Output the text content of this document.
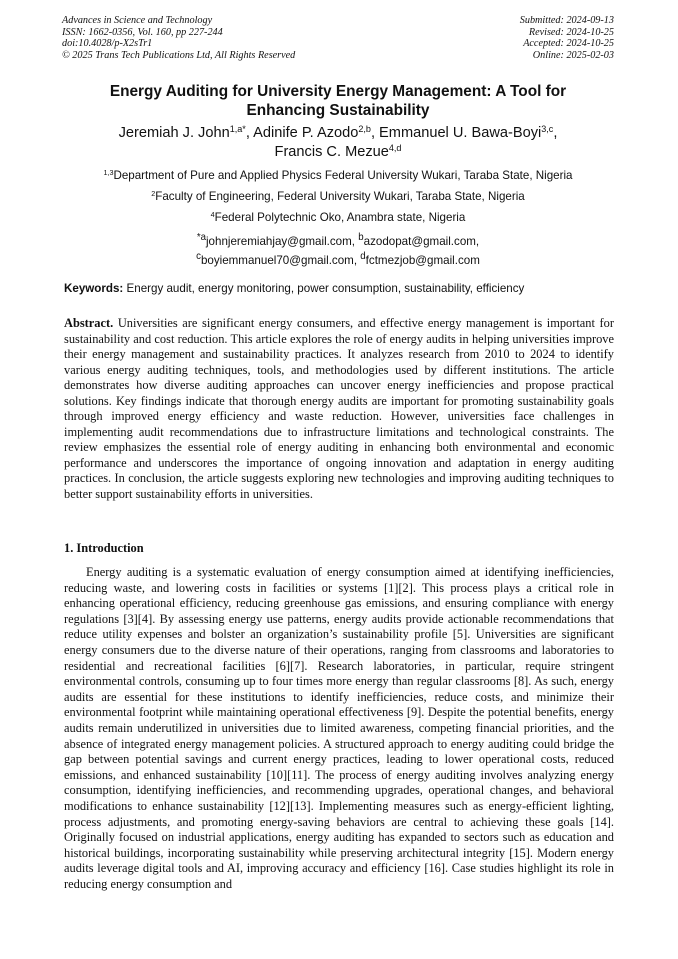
Advances in Science and Technology
ISSN: 1662-0356, Vol. 160, pp 227-244
doi:10.4028/p-X2sTr1
© 2025 Trans Tech Publications Ltd, All Rights Reserved
Submitted: 2024-09-13
Revised: 2024-10-25
Accepted: 2024-10-25
Online: 2025-02-03
Energy Auditing for University Energy Management: A Tool for
Enhancing Sustainability
Jeremiah J. John$^{1,a*}$, Adinife P. Azodo$^{2,b}$, Emmanuel U. Bawa-Boyi$^{3,c}$,
Francis C. Mezue$^{4,d}$
$^{1,3}$Department of Pure and Applied Physics Federal University Wukari, Taraba State, Nigeria
$^2$Faculty of Engineering, Federal University Wukari, Taraba State, Nigeria
$^4$Federal Polytechnic Oko, Anambra state, Nigeria
$^{*a}$johnjeremiahjay@gmail.com, $^b$azodopat@gmail.com,
$^c$boyiemmanuel70@gmail.com, $^d$fctmezjob@gmail.com
Keywords: Energy audit, energy monitoring, power consumption, sustainability, efficiency

Abstract. Universities are significant energy consumers, and effective energy management is important for sustainability and cost reduction. This article explores the role of energy audits in helping universities improve their energy management and sustainability practices. It analyzes research from 2010 to 2024 to identify various energy auditing techniques, tools, and methodologies used by different institutions. The article demonstrates how diverse auditing approaches can uncover energy inefficiencies and propose practical solutions. Key findings indicate that thorough energy audits are important for promoting sustainability goals through improved energy efficiency and waste reduction. However, universities face challenges in implementing audit recommendations due to infrastructure limitations and technological constraints. The review emphasizes the essential role of energy auditing in enhancing both environmental and economic performance and underscores the importance of ongoing innovation and adaptation in energy auditing practices. In conclusion, the article suggests exploring new technologies and improving auditing techniques to better support sustainability efforts in universities.

1. Introduction

Energy auditing is a systematic evaluation of energy consumption aimed at identifying inefficiencies, reducing waste, and lowering costs in facilities or systems [1][2]. This process plays a critical role in enhancing operational efficiency, reducing greenhouse gas emissions, and ensuring compliance with energy regulations [3][4]. By assessing energy use patterns, energy audits provide actionable recommendations that reduce utility expenses and bolster an organization’s sustainability profile [5]. Universities are significant energy consumers due to the diverse nature of their operations, ranging from classrooms and laboratories to residential and recreational facilities [6][7]. Research laboratories, in particular, require stringent environmental controls, consuming up to four times more energy than regular classrooms [8]. As such, energy audits are essential for these institutions to identify inefficiencies, reduce costs, and minimize their environmental footprint while maintaining operational effectiveness [9]. Despite the potential benefits, energy audits remain underutilized in universities due to limited awareness, competing financial priorities, and the absence of integrated energy management policies. A structured approach to energy auditing could bridge the gap between potential savings and current energy practices, leading to lower operational costs, reduced emissions, and enhanced sustainability [10][11]. The process of energy auditing involves analyzing energy consumption, identifying inefficiencies, and recommending upgrades, operational changes, and behavioral modifications to enhance sustainability [12][13]. Implementing measures such as energy-efficient lighting, process adjustments, and promoting energy-saving behaviors are central to achieving these goals [14]. Originally focused on industrial applications, energy auditing has expanded to sectors such as education and historical buildings, incorporating sustainability while preserving architectural integrity [15]. Modern energy audits leverage digital tools and AI, improving accuracy and efficiency [16]. Case studies highlight its role in reducing energy consumption and
